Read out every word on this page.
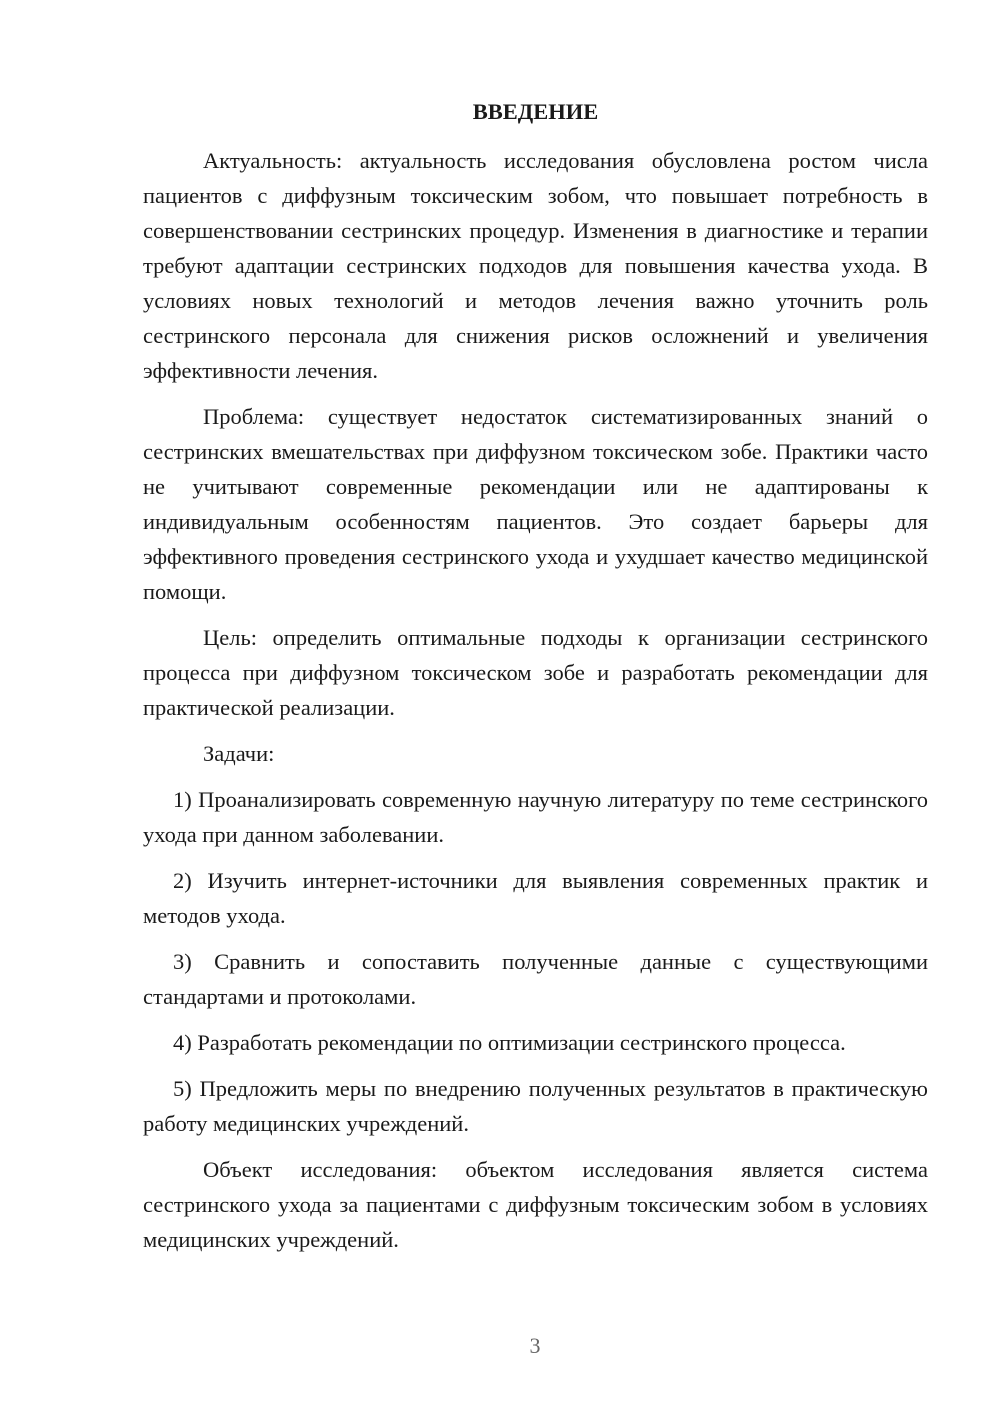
ВВЕДЕНИЕ

Актуальность: актуальность исследования обусловлена ростом числа пациентов с диффузным токсическим зобом, что повышает потребность в совершенствовании сестринских процедур. Изменения в диагностике и терапии требуют адаптации сестринских подходов для повышения качества ухода. В условиях новых технологий и методов лечения важно уточнить роль сестринского персонала для снижения рисков осложнений и увеличения эффективности лечения.

Проблема: существует недостаток систематизированных знаний о сестринских вмешательствах при диффузном токсическом зобе. Практики часто не учитывают современные рекомендации или не адаптированы к индивидуальным особенностям пациентов. Это создает барьеры для эффективного проведения сестринского ухода и ухудшает качество медицинской помощи.

Цель: определить оптимальные подходы к организации сестринского процесса при диффузном токсическом зобе и разработать рекомендации для практической реализации.

Задачи:

1) Проанализировать современную научную литературу по теме сестринского ухода при данном заболевании.

2) Изучить интернет-источники для выявления современных практик и методов ухода.

3) Сравнить и сопоставить полученные данные с существующими стандартами и протоколами.

4) Разработать рекомендации по оптимизации сестринского процесса.

5) Предложить меры по внедрению полученных результатов в практическую работу медицинских учреждений.

Объект исследования: объектом исследования является система сестринского ухода за пациентами с диффузным токсическим зобом в условиях медицинских учреждений.

3
